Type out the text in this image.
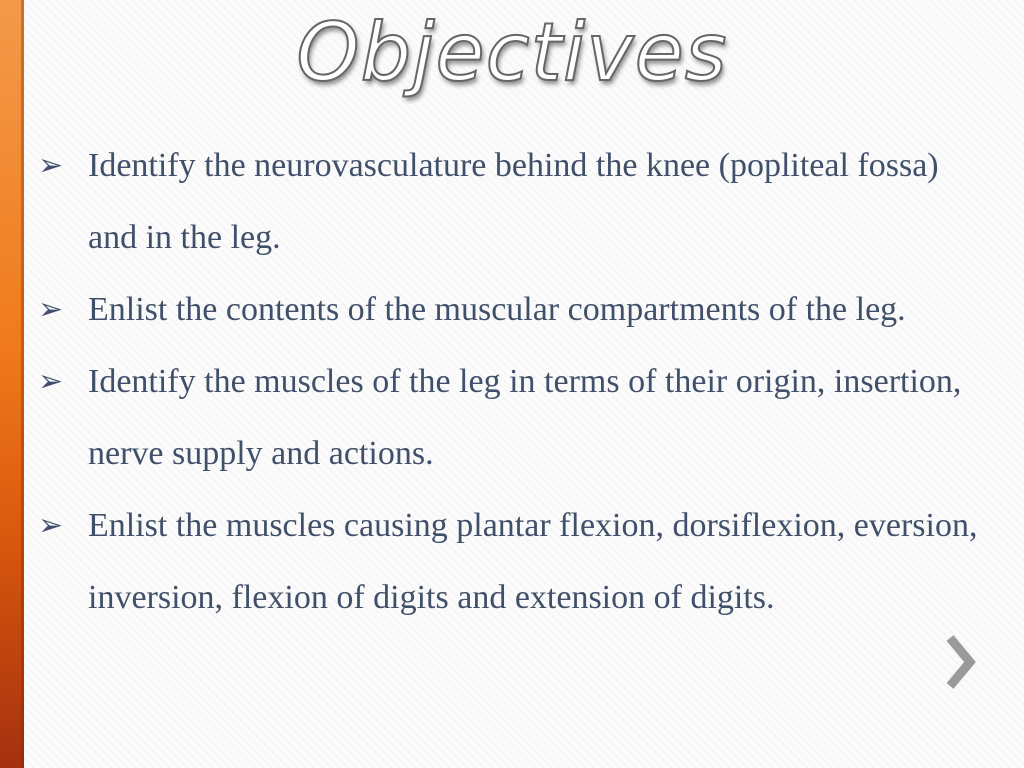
Objectives
➢ Identify the neurovasculature behind the knee (popliteal fossa) and in the leg.
➢ Enlist the contents of the muscular compartments of the leg.
➢ Identify the muscles of the leg in terms of their origin, insertion, nerve supply and actions.
➢ Enlist the muscles causing plantar flexion, dorsiflexion, eversion, inversion, flexion of digits and extension of digits.
